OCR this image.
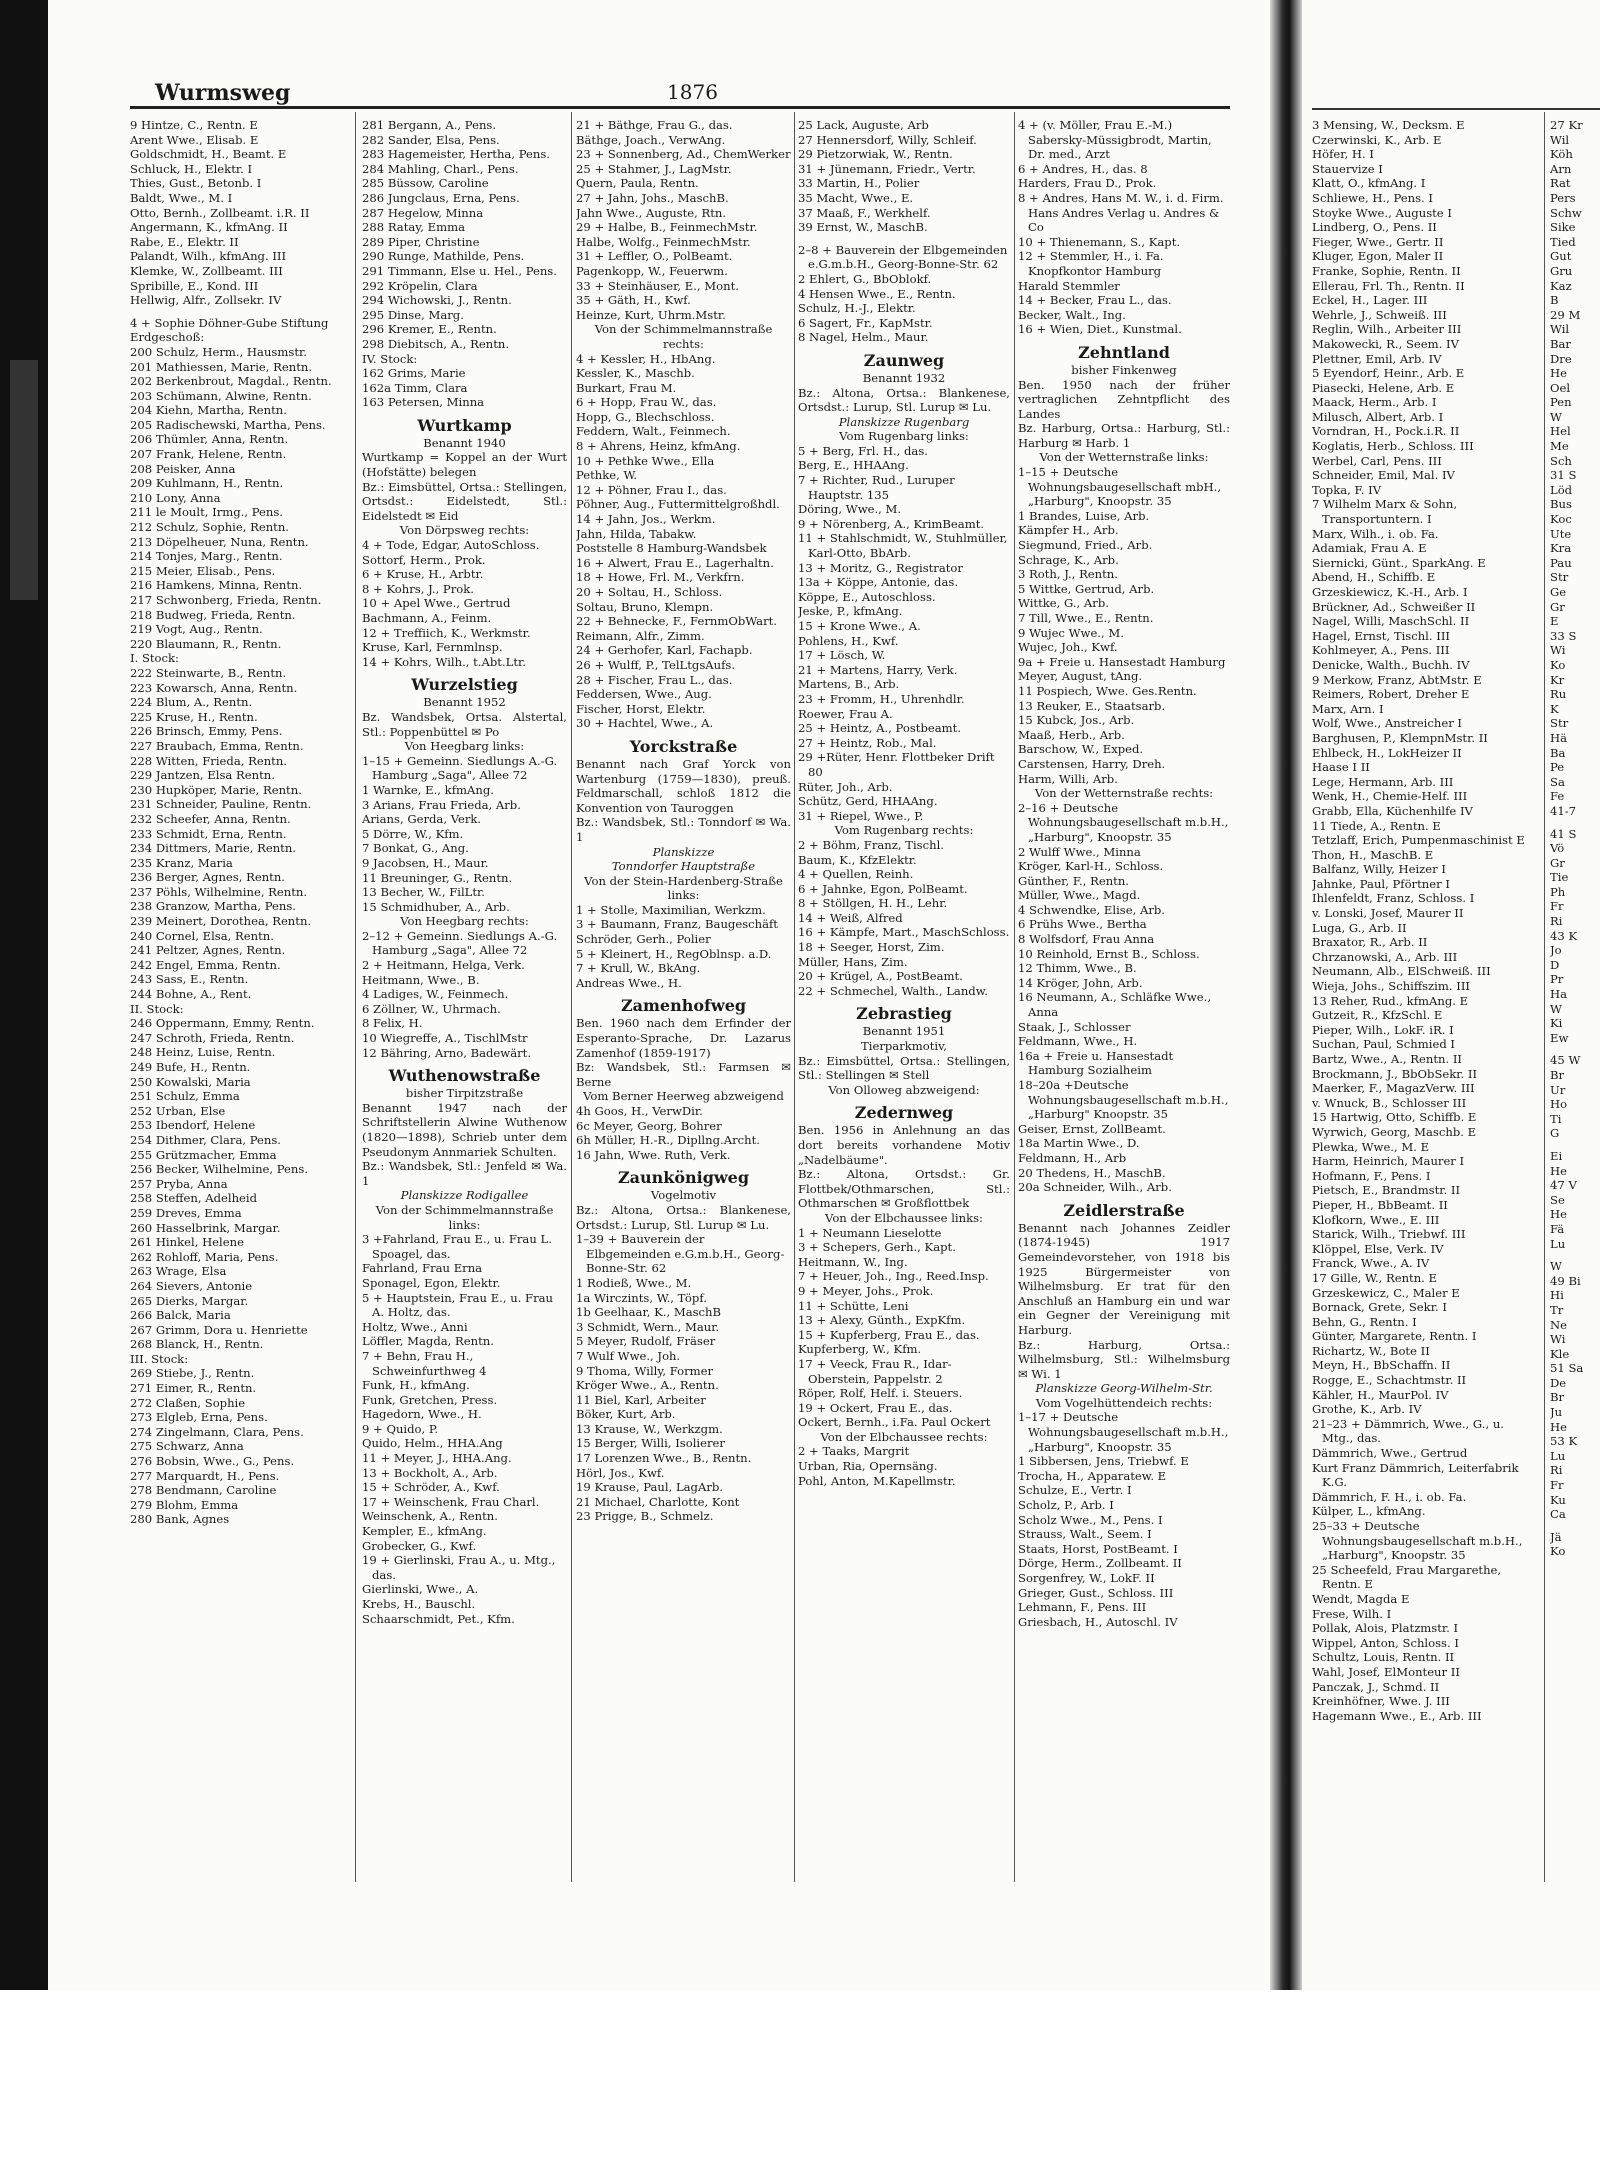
3 Mensing, W., Decksm. E
Czerwinski, K., Arb. E
Höfer, H. I
Stauervize I
Klatt, O., kfmAng. I
Schliewe, H., Pens. I
Stoyke Wwe., Auguste I
Lindberg, O., Pens. II
Fieger, Wwe., Gertr. II
Kluger, Egon, Maler II
Franke, Sophie, Rentn. II
Ellerau, Frl. Th., Rentn. II
Eckel, H., Lager. III
Wehrle, J., Schweiß. III
Reglin, Wilh., Arbeiter III
Makowecki, R., Seem. IV
Plettner, Emil, Arb. IV
5 Eyendorf, Heinr., Arb. E
Piasecki, Helene, Arb. E
Maack, Herm., Arb. I
Milusch, Albert, Arb. I
Vorndran, H., Pock.i.R. II
Koglatis, Herb., Schloss. III
Werbel, Carl, Pens. III
Schneider, Emil, Mal. IV
Topka, F. IV
7 Wilhelm Marx & Sohn, Transportuntern. I
Marx, Wilh., i. ob. Fa.
Adamiak, Frau A. E
Siernicki, Günt., SparkAng. E
Abend, H., Schiffb. E
Grzeskiewicz, K.-H., Arb. I
Brückner, Ad., Schweißer II
Nagel, Willi, MaschSchl. II
Hagel, Ernst, Tischl. III
Kohlmeyer, A., Pens. III
Denicke, Walth., Buchh. IV
9 Merkow, Franz, AbtMstr. E
Reimers, Robert, Dreher E
Marx, Arn. I
Wolf, Wwe., Anstreicher I
Barghusen, P., KlempnMstr. II
Ehlbeck, H., LokHeizer II
Haase I II
Lege, Hermann, Arb. III
Wenk, H., Chemie-Helf. III
Grabb, Ella, Küchenhilfe IV
11 Tiede, A., Rentn. E
Tetzlaff, Erich, Pumpenmaschinist E
Thon, H., MaschB. E
Balfanz, Willy, Heizer I
Jahnke, Paul, Pförtner I
Ihlenfeldt, Franz, Schloss. I
v. Lonski, Josef, Maurer II
Luga, G., Arb. II
Braxator, R., Arb. II
Chrzanowski, A., Arb. III
Neumann, Alb., ElSchweiß. III
Wieja, Johs., Schiffszim. III
13 Reher, Rud., kfmAng. E
Gutzeit, R., KfzSchl. E
Pieper, Wilh., LokF. iR. I
Suchan, Paul, Schmied I
Bartz, Wwe., A., Rentn. II
Brockmann, J., BbObSekr. II
Maerker, F., MagazVerw. III
v. Wnuck, B., Schlosser III
15 Hartwig, Otto, Schiffb. E
Wyrwich, Georg, Maschb. E
Plewka, Wwe., M. E
Harm, Heinrich, Maurer I
Hofmann, F., Pens. I
Pietsch, E., Brandmstr. II
Pieper, H., BbBeamt. II
Klofkorn, Wwe., E. III
Starick, Wilh., Triebwf. III
Klöppel, Else, Verk. IV
Franck, Wwe., A. IV
17 Gille, W., Rentn. E
Grzeskewicz, C., Maler E
Bornack, Grete, Sekr. I
Behn, G., Rentn. I
Günter, Margarete, Rentn. I
Richartz, W., Bote II
Meyn, H., BbSchaffn. II
Rogge, E., Schachtmstr. II
Kähler, H., MaurPol. IV
Grothe, K., Arb. IV
21–23 + Dämmrich, Wwe., G., u. Mtg., das.
Dämmrich, Wwe., Gertrud
Kurt Franz Dämmrich, Leiterfabrik K.G.
Dämmrich, F. H., i. ob. Fa.
Külper, L., kfmAng.
25–33 + Deutsche Wohnungsbaugesellschaft m.b.H., „Harburg", Knoopstr. 35
25 Scheefeld, Frau Margarethe, Rentn. E
Wendt, Magda E
Frese, Wilh. I
Pollak, Alois, Platzmstr. I
Wippel, Anton, Schloss. I
Schultz, Louis, Rentn. II
Wahl, Josef, ElMonteur II
Panczak, J., Schmd. II
Kreinhöfner, Wwe. J. III
Hagemann Wwe., E., Arb. III
27 Kr
Wil
Köh
Arn
Rat
Pers
Schw
Sike
Tied
Gut
Gru
Kaz
B
29 M
Wil
Bar
Dre
He
Oel
Pen
W
Hel
Me
Sch
31 S
Löd
Bus
Koc
Ute
Kra
Pau
Str
Ge
Gr
E
33 S
Wi
Ko
Kr
Ru
K
Str
Hä
Ba
Pe
Sa
Fe
41-7
41 S
Vö
Gr
Tie
Ph
Fr
Ri
43 K
Jo
D
Pr
Ha
W
Ki
Ew
45 W
Br
Ur
Ho
Ti
G
Ei
He
47 V
Se
He
Fä
Lu
W
49 Bi
Hi
Tr
Ne
Wi
Kle
51 Sa
De
Br
Ju
He
53 K
Lu
Ri
Fr
Ku
Ca
Jä
Ko
Wurmsweg	1876
9 Hintze, C., Rentn. E
Arent Wwe., Elisab. E
Goldschmidt, H., Beamt. E
Schluck, H., Elektr. I
Thies, Gust., Betonb. I
Baldt, Wwe., M. I
Otto, Bernh., Zollbeamt. i.R. II
Angermann, K., kfmAng. II
Rabe, E., Elektr. II
Palandt, Wilh., kfmAng. III
Klemke, W., Zollbeamt. III
Spribille, E., Kond. III
Hellwig, Alfr., Zollsekr. IV
4 + Sophie Döhner-Gube Stiftung
Erdgeschoß:
200 Schulz, Herm., Hausmstr.
201 Mathiessen, Marie, Rentn.
202 Berkenbrout, Magdal., Rentn.
203 Schümann, Alwine, Rentn.
204 Kiehn, Martha, Rentn.
205 Radischewski, Martha, Pens.
206 Thümler, Anna, Rentn.
207 Frank, Helene, Rentn.
208 Peisker, Anna
209 Kuhlmann, H., Rentn.
210 Lony, Anna
211 le Moult, Irmg., Pens.
212 Schulz, Sophie, Rentn.
213 Döpelheuer, Nuna, Rentn.
214 Tonjes, Marg., Rentn.
215 Meier, Elisab., Pens.
216 Hamkens, Minna, Rentn.
217 Schwonberg, Frieda, Rentn.
218 Budweg, Frieda, Rentn.
219 Vogt, Aug., Rentn.
220 Blaumann, R., Rentn.
I. Stock:
222 Steinwarte, B., Rentn.
223 Kowarsch, Anna, Rentn.
224 Blum, A., Rentn.
225 Kruse, H., Rentn.
226 Brinsch, Emmy, Pens.
227 Braubach, Emma, Rentn.
228 Witten, Frieda, Rentn.
229 Jantzen, Elsa Rentn.
230 Hupköper, Marie, Rentn.
231 Schneider, Pauline, Rentn.
232 Scheefer, Anna, Rentn.
233 Schmidt, Erna, Rentn.
234 Dittmers, Marie, Rentn.
235 Kranz, Maria
236 Berger, Agnes, Rentn.
237 Pöhls, Wilhelmine, Rentn.
238 Granzow, Martha, Pens.
239 Meinert, Dorothea, Rentn.
240 Cornel, Elsa, Rentn.
241 Peltzer, Agnes, Rentn.
242 Engel, Emma, Rentn.
243 Sass, E., Rentn.
244 Bohne, A., Rent.
II. Stock:
246 Oppermann, Emmy, Rentn.
247 Schroth, Frieda, Rentn.
248 Heinz, Luise, Rentn.
249 Bufe, H., Rentn.
250 Kowalski, Maria
251 Schulz, Emma
252 Urban, Else
253 Ibendorf, Helene
254 Dithmer, Clara, Pens.
255 Grützmacher, Emma
256 Becker, Wilhelmine, Pens.
257 Pryba, Anna
258 Steffen, Adelheid
259 Dreves, Emma
260 Hasselbrink, Margar.
261 Hinkel, Helene
262 Rohloff, Maria, Pens.
263 Wrage, Elsa
264 Sievers, Antonie
265 Dierks, Margar.
266 Balck, Maria
267 Grimm, Dora u. Henriette
268 Blanck, H., Rentn.
III. Stock:
269 Stiebe, J., Rentn.
271 Eimer, R., Rentn.
272 Claßen, Sophie
273 Elgleb, Erna, Pens.
274 Zingelmann, Clara, Pens.
275 Schwarz, Anna
276 Bobsin, Wwe., G., Pens.
277 Marquardt, H., Pens.
278 Bendmann, Caroline
279 Blohm, Emma
280 Bank, Agnes
281 Bergann, A., Pens.
282 Sander, Elsa, Pens.
283 Hagemeister, Hertha, Pens.
284 Mahling, Charl., Pens.
285 Büssow, Caroline
286 Jungclaus, Erna, Pens.
287 Hegelow, Minna
288 Ratay, Emma
289 Piper, Christine
290 Runge, Mathilde, Pens.
291 Timmann, Else u. Hel., Pens.
292 Kröpelin, Clara
294 Wichowski, J., Rentn.
295 Dinse, Marg.
296 Kremer, E., Rentn.
298 Diebitsch, A., Rentn.
IV. Stock:
162 Grims, Marie
162a Timm, Clara
163 Petersen, Minna
Wurtkamp
Benannt 1940
Wurtkamp = Koppel an der Wurt (Hofstätte) belegen
Bz.: Eimsbüttel, Ortsa.: Stellingen, Ortsdst.: Eidelstedt, Stl.: Eidelstedt ✉ Eid
Von Dörpsweg rechts:
4 + Tode, Edgar, AutoSchloss.
Sottorf, Herm., Prok.
6 + Kruse, H., Arbtr.
8 + Kohrs, J., Prok.
10 + Apel Wwe., Gertrud
Bachmann, A., Feinm.
12 + Treffiich, K., Werkmstr.
Kruse, Karl, Fernmlnsp.
14 + Kohrs, Wilh., t.Abt.Ltr.
Wurzelstieg
Benannt 1952
Bz. Wandsbek, Ortsa. Alstertal, Stl.: Poppenbüttel ✉ Po
Von Heegbarg links:
1–15 + Gemeinn. Siedlungs A.-G. Hamburg „Saga", Allee 72
1 Warnke, E., kfmAng.
3 Arians, Frau Frieda, Arb.
Arians, Gerda, Verk.
5 Dörre, W., Kfm.
7 Bonkat, G., Ang.
9 Jacobsen, H., Maur.
11 Breuninger, G., Rentn.
13 Becher, W., FilLtr.
15 Schmidhuber, A., Arb.
Von Heegbarg rechts:
2–12 + Gemeinn. Siedlungs A.-G. Hamburg „Saga", Allee 72
2 + Heitmann, Helga, Verk.
Heitmann, Wwe., B.
4 Ladiges, W., Feinmech.
6 Zöllner, W., Uhrmach.
8 Felix, H.
10 Wiegreffe, A., TischlMstr
12 Bähring, Arno, Badewärt.
Wuthenowstraße
bisher Tirpitzstraße
Benannt 1947 nach der Schriftstellerin Alwine Wuthenow (1820—1898), Schrieb unter dem Pseudonym Annmariek Schulten.
Bz.: Wandsbek, Stl.: Jenfeld ✉ Wa. 1
Planskizze Rodigallee
Von der Schimmelmannstraße links:
3 +Fahrland, Frau E., u. Frau L. Spoagel, das.
Fahrland, Frau Erna
Sponagel, Egon, Elektr.
5 + Hauptstein, Frau E., u. Frau A. Holtz, das.
Holtz, Wwe., Anni
Löffler, Magda, Rentn.
7 + Behn, Frau H., Schweinfurthweg 4
Funk, H., kfmAng.
Funk, Gretchen, Press.
Hagedorn, Wwe., H.
9 + Quido, P.
Quido, Helm., HHA.Ang
11 + Meyer, J., HHA.Ang.
13 + Bockholt, A., Arb.
15 + Schröder, A., Kwf.
17 + Weinschenk, Frau Charl.
Weinschenk, A., Rentn.
Kempler, E., kfmAng.
Grobecker, G., Kwf.
19 + Gierlinski, Frau A., u. Mtg., das.
Gierlinski, Wwe., A.
Krebs, H., Bauschl.
Schaarschmidt, Pet., Kfm.
21 + Bäthge, Frau G., das.
Bäthge, Joach., VerwAng.
23 + Sonnenberg, Ad., ChemWerker
25 + Stahmer, J., LagMstr.
Quern, Paula, Rentn.
27 + Jahn, Johs., MaschB.
Jahn Wwe., Auguste, Rtn.
29 + Halbe, B., FeinmechMstr.
Halbe, Wolfg., FeinmechMstr.
31 + Leffler, O., PolBeamt.
Pagenkopp, W., Feuerwm.
33 + Steinhäuser, E., Mont.
35 + Gäth, H., Kwf.
Heinze, Kurt, Uhrm.Mstr.
Von der Schimmelmannstraße rechts:
4 + Kessler, H., HbAng.
Kessler, K., Maschb.
Burkart, Frau M.
6 + Hopp, Frau W., das.
Hopp, G., Blechschloss.
Feddern, Walt., Feinmech.
8 + Ahrens, Heinz, kfmAng.
10 + Pethke Wwe., Ella
Pethke, W.
12 + Pöhner, Frau I., das.
Pöhner, Aug., Futtermittelgroßhdl.
14 + Jahn, Jos., Werkm.
Jahn, Hilda, Tabakw.
Poststelle 8 Hamburg-Wandsbek
16 + Alwert, Frau E., Lagerhaltn.
18 + Howe, Frl. M., Verkfrn.
20 + Soltau, H., Schloss.
Soltau, Bruno, Klempn.
22 + Behnecke, F., FernmObWart.
Reimann, Alfr., Zimm.
24 + Gerhofer, Karl, Fachapb.
26 + Wulff, P., TelLtgsAufs.
28 + Fischer, Frau L., das.
Feddersen, Wwe., Aug.
Fischer, Horst, Elektr.
30 + Hachtel, Wwe., A.
Yorckstraße
Benannt nach Graf Yorck von Wartenburg (1759—1830), preuß. Feldmarschall, schloß 1812 die Konvention von Tauroggen
Bz.: Wandsbek, Stl.: Tonndorf ✉ Wa. 1
Planskizze
Tonndorfer Hauptstraße
Von der Stein-Hardenberg-Straße links:
1 + Stolle, Maximilian, Werkzm.
3 + Baumann, Franz, Baugeschäft
Schröder, Gerh., Polier
5 + Kleinert, H., RegOblnsp. a.D.
7 + Krull, W., BkAng.
Andreas Wwe., H.
Zamenhofweg
Ben. 1960 nach dem Erfinder der Esperanto-Sprache, Dr. Lazarus Zamenhof (1859-1917)
Bz: Wandsbek, Stl.: Farmsen ✉ Berne
Vom Berner Heerweg abzweigend
4h Goos, H., VerwDir.
6c Meyer, Georg, Bohrer
6h Müller, H.-R., Dipllng.Archt.
16 Jahn, Wwe. Ruth, Verk.
Zaunkönigweg
Vogelmotiv
Bz.: Altona, Ortsa.: Blankenese, Ortsdst.: Lurup, Stl. Lurup ✉ Lu.
1–39 + Bauverein der Elbgemeinden e.G.m.b.H., Georg-Bonne-Str. 62
1 Rodieß, Wwe., M.
1a Wirczints, W., Töpf.
1b Geelhaar, K., MaschB
3 Schmidt, Wern., Maur.
5 Meyer, Rudolf, Fräser
7 Wulf Wwe., Joh.
9 Thoma, Willy, Former
Kröger Wwe., A., Rentn.
11 Biel, Karl, Arbeiter
Böker, Kurt, Arb.
13 Krause, W., Werkzgm.
15 Berger, Willi, Isolierer
17 Lorenzen Wwe., B., Rentn.
Hörl, Jos., Kwf.
19 Krause, Paul, LagArb.
21 Michael, Charlotte, Kont
23 Prigge, B., Schmelz.
25 Lack, Auguste, Arb
27 Hennersdorf, Willy, Schleif.
29 Pietzorwiak, W., Rentn.
31 + Jünemann, Friedr., Vertr.
33 Martin, H., Polier
35 Macht, Wwe., E.
37 Maaß, F., Werkhelf.
39 Ernst, W., MaschB.
2–8 + Bauverein der Elbgemeinden e.G.m.b.H., Georg-Bonne-Str. 62
2 Ehlert, G., BbOblokf.
4 Hensen Wwe., E., Rentn.
Schulz, H.-J., Elektr.
6 Sagert, Fr., KapMstr.
8 Nagel, Helm., Maur.
Zaunweg
Benannt 1932
Bz.: Altona, Ortsa.: Blankenese, Ortsdst.: Lurup, Stl. Lurup ✉ Lu.
Planskizze Rugenbarg
Vom Rugenbarg links:
5 + Berg, Frl. H., das.
Berg, E., HHAAng.
7 + Richter, Rud., Luruper Hauptstr. 135
Döring, Wwe., M.
9 + Nörenberg, A., KrimBeamt.
11 + Stahlschmidt, W., Stuhlmüller, Karl-Otto, BbArb.
13 + Moritz, G., Registrator
13a + Köppe, Antonie, das.
Köppe, E., Autoschloss.
Jeske, P., kfmAng.
15 + Krone Wwe., A.
Pohlens, H., Kwf.
17 + Lösch, W.
21 + Martens, Harry, Verk.
Martens, B., Arb.
23 + Fromm, H., Uhrenhdlr.
Roewer, Frau A.
25 + Heintz, A., Postbeamt.
27 + Heintz, Rob., Mal.
29 +Rüter, Henr. Flottbeker Drift 80
Rüter, Joh., Arb.
Schütz, Gerd, HHAAng.
31 + Riepel, Wwe., P.
Vom Rugenbarg rechts:
2 + Böhm, Franz, Tischl.
Baum, K., KfzElektr.
4 + Quellen, Reinh.
6 + Jahnke, Egon, PolBeamt.
8 + Stöllgen, H. H., Lehr.
14 + Weiß, Alfred
16 + Kämpfe, Mart., MaschSchloss.
18 + Seeger, Horst, Zim.
Müller, Hans, Zim.
20 + Krügel, A., PostBeamt.
22 + Schmechel, Walth., Landw.
Zebrastieg
Benannt 1951
Tierparkmotiv,
Bz.: Eimsbüttel, Ortsa.: Stellingen, Stl.: Stellingen ✉ Stell
Von Olloweg abzweigend:
Zedernweg
Ben. 1956 in Anlehnung an das dort bereits vorhandene Motiv „Nadelbäume".
Bz.: Altona, Ortsdst.: Gr. Flottbek/Othmarschen, Stl.: Othmarschen ✉ Großflottbek
Von der Elbchaussee links:
1 + Neumann Lieselotte
3 + Schepers, Gerh., Kapt.
Heitmann, W., Ing.
7 + Heuer, Joh., Ing., Reed.Insp.
9 + Meyer, Johs., Prok.
11 + Schütte, Leni
13 + Alexy, Günth., ExpKfm.
15 + Kupferberg, Frau E., das.
Kupferberg, W., Kfm.
17 + Veeck, Frau R., Idar-Oberstein, Pappelstr. 2
Röper, Rolf, Helf. i. Steuers.
19 + Ockert, Frau E., das.
Ockert, Bernh., i.Fa. Paul Ockert
Von der Elbchaussee rechts:
2 + Taaks, Margrit
Urban, Ria, Opernsäng.
Pohl, Anton, M.Kapellmstr.
4 + (v. Möller, Frau E.-M.) Sabersky-Müssigbrodt, Martin, Dr. med., Arzt
6 + Andres, H., das. 8
Harders, Frau D., Prok.
8 + Andres, Hans M. W., i. d. Firm. Hans Andres Verlag u. Andres & Co
10 + Thienemann, S., Kapt.
12 + Stemmler, H., i. Fa. Knopfkontor Hamburg
Harald Stemmler
14 + Becker, Frau L., das.
Becker, Walt., Ing.
16 + Wien, Diet., Kunstmal.
Zehntland
bisher Finkenweg
Ben. 1950 nach der früher vertraglichen Zehntpflicht des Landes
Bz. Harburg, Ortsa.: Harburg, Stl.: Harburg ✉ Harb. 1
Von der Wetternstraße links:
1–15 + Deutsche Wohnungsbaugesellschaft mbH., „Harburg", Knoopstr. 35
1 Brandes, Luise, Arb.
Kämpfer H., Arb.
Siegmund, Fried., Arb.
Schrage, K., Arb.
3 Roth, J., Rentn.
5 Wittke, Gertrud, Arb.
Wittke, G., Arb.
7 Till, Wwe., E., Rentn.
9 Wujec Wwe., M.
Wujec, Joh., Kwf.
9a + Freie u. Hansestadt Hamburg
Meyer, August, tAng.
11 Pospiech, Wwe. Ges.Rentn.
13 Reuker, E., Staatsarb.
15 Kubck, Jos., Arb.
Maaß, Herb., Arb.
Barschow, W., Exped.
Carstensen, Harry, Dreh.
Harm, Willi, Arb.
Von der Wetternstraße rechts:
2–16 + Deutsche Wohnungsbaugesellschaft m.b.H., „Harburg", Knoopstr. 35
2 Wulff Wwe., Minna
Kröger, Karl-H., Schloss.
Günther, F., Rentn.
Müller, Wwe., Magd.
4 Schwendke, Elise, Arb.
6 Prühs Wwe., Bertha
8 Wolfsdorf, Frau Anna
10 Reinhold, Ernst B., Schloss.
12 Thimm, Wwe., B.
14 Kröger, John, Arb.
16 Neumann, A., Schläfke Wwe., Anna
Staak, J., Schlosser
Feldmann, Wwe., H.
16a + Freie u. Hansestadt Hamburg Sozialheim
18–20a +Deutsche Wohnungsbaugesellschaft m.b.H., „Harburg" Knoopstr. 35
Geiser, Ernst, ZollBeamt.
18a Martin Wwe., D.
Feldmann, H., Arb
20 Thedens, H., MaschB.
20a Schneider, Wilh., Arb.
Zeidlerstraße
Benannt nach Johannes Zeidler (1874-1945) 1917 Gemeindevorsteher, von 1918 bis 1925 Bürgermeister von Wilhelmsburg. Er trat für den Anschluß an Hamburg ein und war ein Gegner der Vereinigung mit Harburg.
Bz.: Harburg, Ortsa.: Wilhelmsburg, Stl.: Wilhelmsburg ✉ Wi. 1
Planskizze Georg-Wilhelm-Str.
Vom Vogelhüttendeich rechts:
1–17 + Deutsche Wohnungsbaugesellschaft m.b.H., „Harburg", Knoopstr. 35
1 Sibbersen, Jens, Triebwf. E
Trocha, H., Apparatew. E
Schulze, E., Vertr. I
Scholz, P., Arb. I
Scholz Wwe., M., Pens. I
Strauss, Walt., Seem. I
Staats, Horst, PostBeamt. I
Dörge, Herm., Zollbeamt. II
Sorgenfrey, W., LokF. II
Grieger, Gust., Schloss. III
Lehmann, F., Pens. III
Griesbach, H., Autoschl. IV
